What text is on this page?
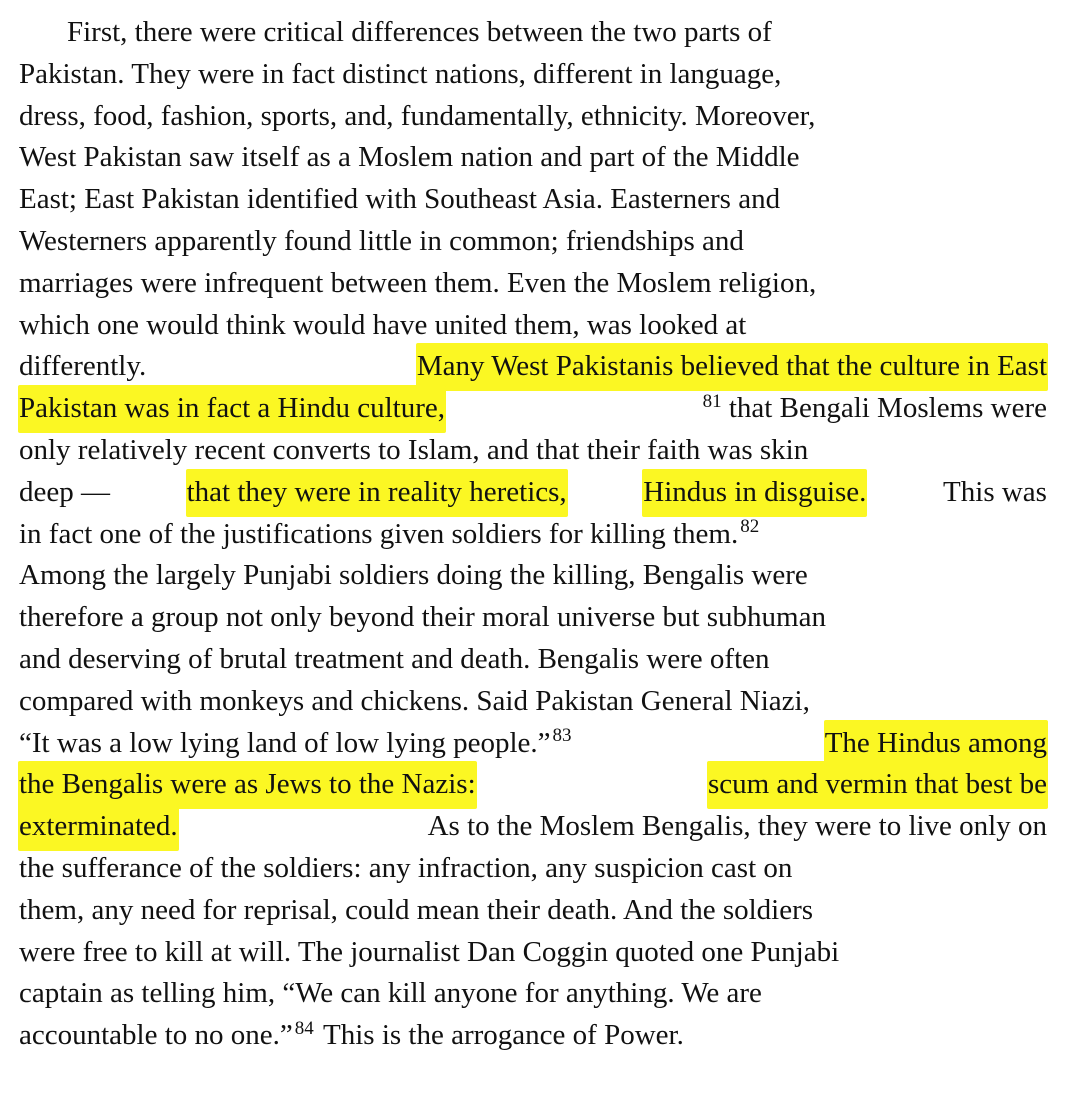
First, there were critical differences between the two parts of
Pakistan. They were in fact distinct nations, different in language,
dress, food, fashion, sports, and, fundamentally, ethnicity. Moreover,
West Pakistan saw itself as a Moslem nation and part of the Middle
East; East Pakistan identified with Southeast Asia. Easterners and
Westerners apparently found little in common; friendships and
marriages were infrequent between them. Even the Moslem religion,
which one would think would have united them, was looked at
differently.	Many West Pakistanis believed that the culture in East
Pakistan was in fact a Hindu culture,	$^{81}$ that Bengali Moslems were
only relatively recent converts to Islam, and that their faith was skin
deep —	that they were in reality heretics,	Hindus in disguise.	This was
in fact one of the justifications given soldiers for killing them. $^{82}$
Among the largely Punjabi soldiers doing the killing, Bengalis were
therefore a group not only beyond their moral universe but subhuman
and deserving of brutal treatment and death. Bengalis were often
compared with monkeys and chickens. Said Pakistan General Niazi,
“It was a low lying land of low lying people.” $^{83}$	The Hindus among
the Bengalis were as Jews to the Nazis:	scum and vermin that best be
exterminated.	As to the Moslem Bengalis, they were to live only on
the sufferance of the soldiers: any infraction, any suspicion cast on
them, any need for reprisal, could mean their death. And the soldiers
were free to kill at will. The journalist Dan Coggin quoted one Punjabi
captain as telling him, “We can kill anyone for anything. We are
accountable to no one.” $^{84}$ This is the arrogance of Power.
